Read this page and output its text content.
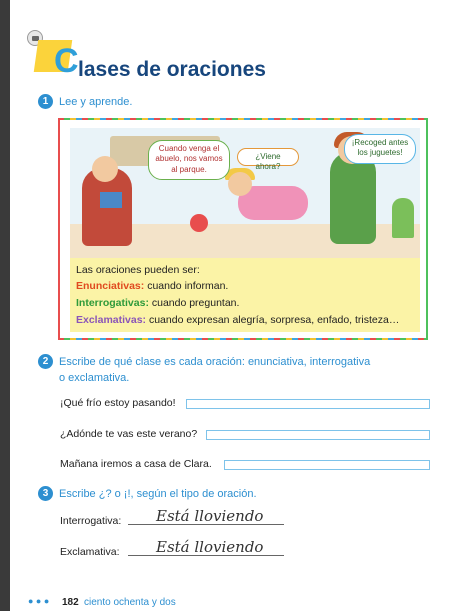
C lases de oraciones
1 Lee y aprende.
Cuando venga el abuelo, nos vamos al parque.
¿Viene ahora?
¡Recoged antes los juguetes!
Las oraciones pueden ser:
Enunciativas: cuando informan.
Interrogativas: cuando preguntan.
Exclamativas: cuando expresan alegría, sorpresa, enfado, tristeza…
2 Escribe de qué clase es cada oración: enunciativa, interrogativa
o exclamativa.
¡Qué frío estoy pasando!
¿Adónde te vas este verano?
Mañana iremos a casa de Clara.
3 Escribe ¿? o ¡!, según el tipo de oración.
Interrogativa: Está lloviendo
Exclamativa: Está lloviendo
● ● ● 182 ciento ochenta y dos
